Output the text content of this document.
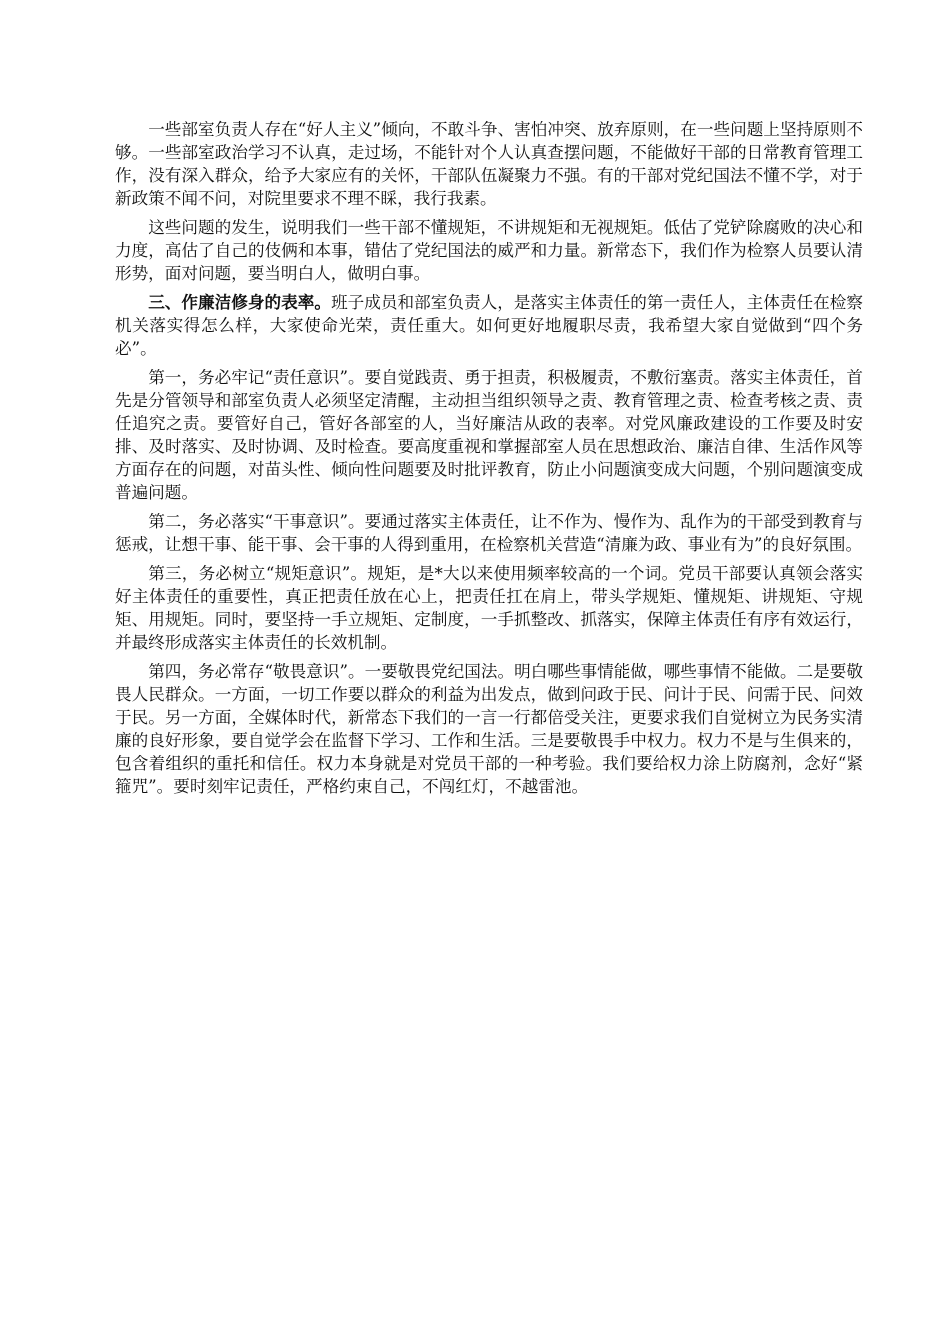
一些部室负责人存在“好人主义”倾向，不敢斗争、害怕冲突、放弃原则，在一些问题上坚持原则不够。一些部室政治学习不认真，走过场，不能针对个人认真查摆问题，不能做好干部的日常教育管理工作，没有深入群众，给予大家应有的关怀，干部队伍凝聚力不强。有的干部对党纪国法不懂不学，对于新政策不闻不问，对院里要求不理不睬，我行我素。

这些问题的发生，说明我们一些干部不懂规矩，不讲规矩和无视规矩。低估了党铲除腐败的决心和力度，高估了自己的伎俩和本事，错估了党纪国法的威严和力量。新常态下，我们作为检察人员要认清形势，面对问题，要当明白人，做明白事。

三、作廉洁修身的表率。班子成员和部室负责人，是落实主体责任的第一责任人，主体责任在检察机关落实得怎么样，大家使命光荣，责任重大。如何更好地履职尽责，我希望大家自觉做到“四个务必”。

第一，务必牢记“责任意识”。要自觉践责、勇于担责，积极履责，不敷衍塞责。落实主体责任，首先是分管领导和部室负责人必须坚定清醒，主动担当组织领导之责、教育管理之责、检查考核之责、责任追究之责。要管好自己，管好各部室的人，当好廉洁从政的表率。对党风廉政建设的工作要及时安排、及时落实、及时协调、及时检查。要高度重视和掌握部室人员在思想政治、廉洁自律、生活作风等方面存在的问题，对苗头性、倾向性问题要及时批评教育，防止小问题演变成大问题，个别问题演变成普遍问题。

第二，务必落实“干事意识”。要通过落实主体责任，让不作为、慢作为、乱作为的干部受到教育与惩戒，让想干事、能干事、会干事的人得到重用，在检察机关营造“清廉为政、事业有为”的良好氛围。

第三，务必树立“规矩意识”。规矩，是*大以来使用频率较高的一个词。党员干部要认真领会落实好主体责任的重要性，真正把责任放在心上，把责任扛在肩上，带头学规矩、懂规矩、讲规矩、守规矩、用规矩。同时，要坚持一手立规矩、定制度，一手抓整改、抓落实，保障主体责任有序有效运行，并最终形成落实主体责任的长效机制。

第四，务必常存“敬畏意识”。一要敬畏党纪国法。明白哪些事情能做，哪些事情不能做。二是要敬畏人民群众。一方面，一切工作要以群众的利益为出发点，做到问政于民、问计于民、问需于民、问效于民。另一方面，全媒体时代，新常态下我们的一言一行都倍受关注，更要求我们自觉树立为民务实清廉的良好形象，要自觉学会在监督下学习、工作和生活。三是要敬畏手中权力。权力不是与生俱来的，包含着组织的重托和信任。权力本身就是对党员干部的一种考验。我们要给权力涂上防腐剂，念好“紧箍咒”。要时刻牢记责任，严格约束自己，不闯红灯，不越雷池。
